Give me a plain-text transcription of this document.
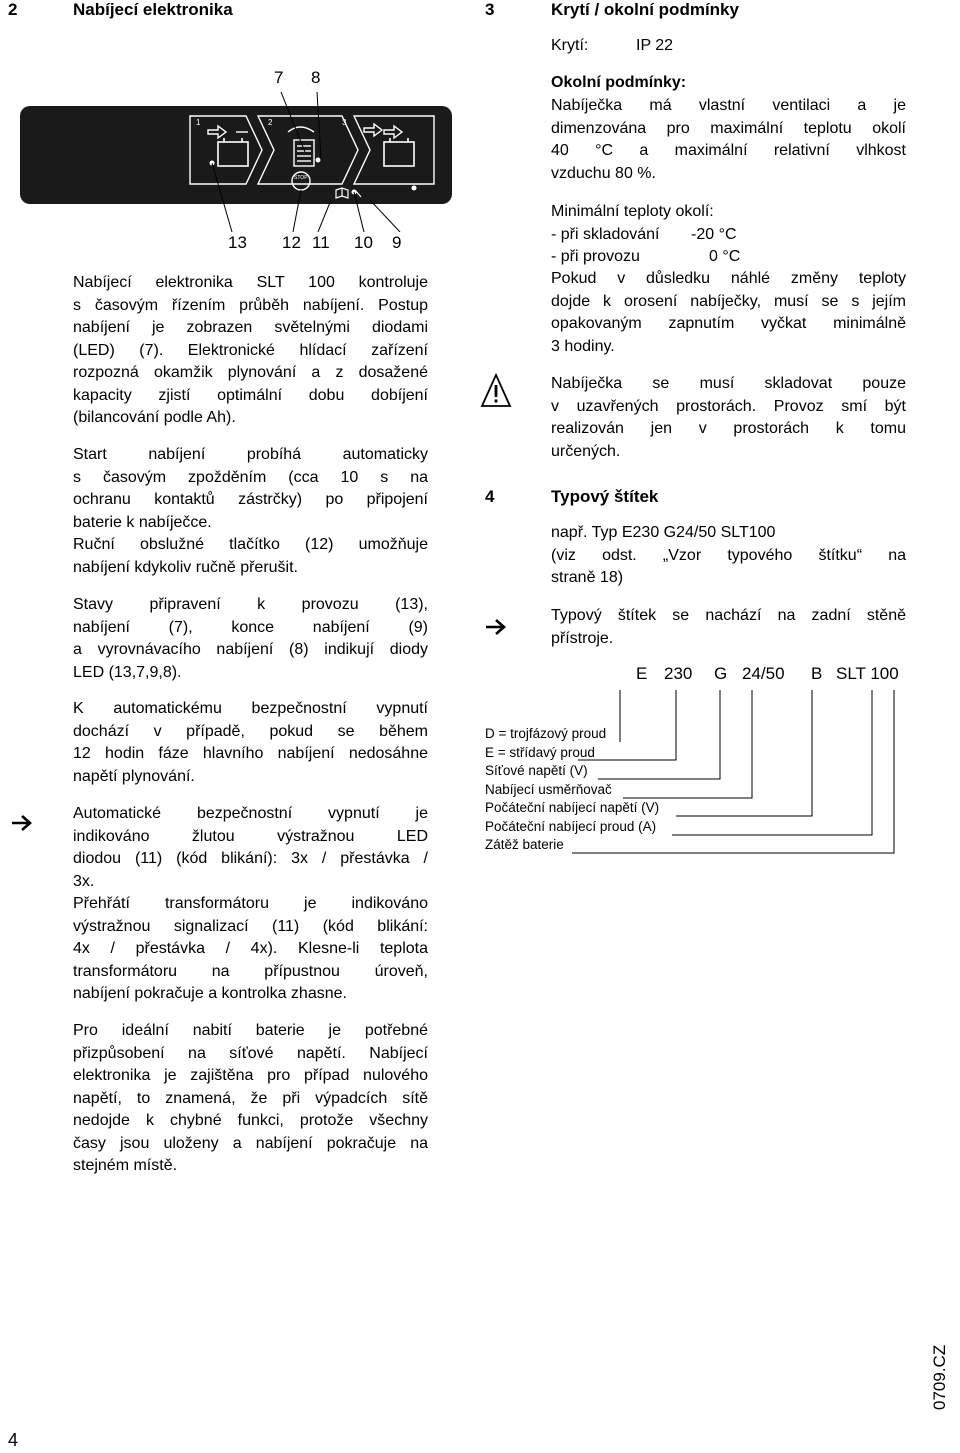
2	Nabíjecí elektronika
7 8
1	2	3
STOP
13 12 11 10 9
Nabíjecí elektronika SLT 100 kontroluje
s časovým řízením průběh nabíjení. Postup
nabíjení je zobrazen světelnými diodami
(LED) (7). Elektronické hlídací zařízení
rozpozná okamžik plynování a z dosažené
kapacity zjistí optimální dobu dobíjení
(bilancování podle Ah).
Start nabíjení probíhá automaticky
s časovým zpožděním (cca 10 s na
ochranu kontaktů zástrčky) po připojení
baterie k nabíječce.
Ruční obslužné tlačítko (12) umožňuje
nabíjení kdykoliv ručně přerušit.
Stavy připravení k provozu (13),
nabíjení (7), konce nabíjení (9)
a vyrovnávacího nabíjení (8) indikují diody
LED (13,7,9,8).
K automatickému bezpečnostní vypnutí
dochází v případě, pokud se během
12 hodin fáze hlavního nabíjení nedosáhne
napětí plynování.
Automatické bezpečnostní vypnutí je
indikováno žlutou výstražnou LED
diodou (11) (kód blikání): 3x / přestávka /
3x.
Přehřátí transformátoru je indikováno
výstražnou signalizací (11) (kód blikání:
4x / přestávka / 4x). Klesne-li teplota
transformátoru na přípustnou úroveň,
nabíjení pokračuje a kontrolka zhasne.
Pro ideální nabití baterie je potřebné
přizpůsobení na síťové napětí. Nabíjecí
elektronika je zajištěna pro případ nulového
napětí, to znamená, že při výpadcích sítě
nedojde k chybné funkci, protože všechny
časy jsou uloženy a nabíjení pokračuje na
stejném místě.
3	Krytí / okolní podmínky
Krytí:	IP 22
Okolní podmínky:
Nabíječka má vlastní ventilaci a je
dimenzována pro maximální teplotu okolí
40 °C a maximální relativní vlhkost
vzduchu 80 %.
Minimální teploty okolí:
- při skladování -20 °C
- při provozu	0 °C
Pokud v důsledku náhlé změny teploty
dojde k orosení nabíječky, musí se s jejím
opakovaným zapnutím vyčkat minimálně
3 hodiny.
Nabíječka se musí skladovat pouze
v uzavřených prostorách. Provoz smí být
realizován jen v prostorách k tomu
určených.
4	Typový štítek
např. Typ E230 G24/50 SLT100
(viz odst. „Vzor typového štítku“ na
straně 18)
Typový štítek se nachází na zadní stěně
přístroje.
E 230 G 24/50 B SLT 100
D = trojfázový proud
E = střídavý proud
Síťové napětí (V)
Nabíjecí usměrňovač
Počáteční nabíjecí napětí (V)
Počáteční nabíjecí proud (A)
Zátěž baterie
4
0709.CZ
